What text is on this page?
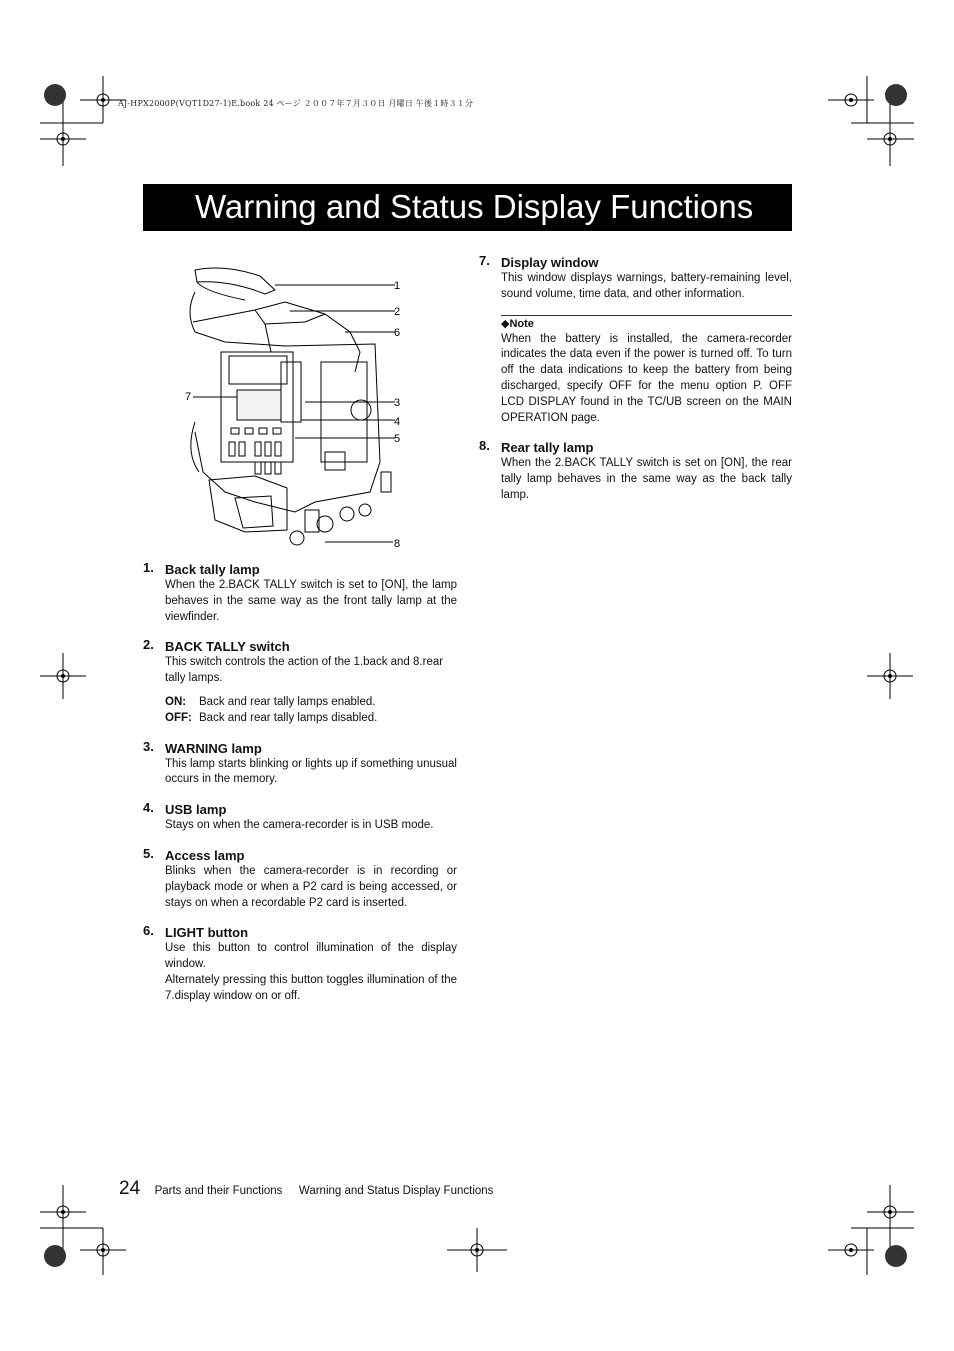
AJ-HPX2000P(VQT1D27-1)E.book 24 ページ ２００７年７月３０日 月曜日 午後１時３１分
Warning and Status Display Functions
1
2
6
7	3
4
5
8
1. Back tally lamp

When the 2.BACK TALLY switch is set to [ON], the lamp behaves in the same way as the front tally lamp at the viewfinder.

2. BACK TALLY switch

This switch controls the action of the 1.back and 8.rear tally lamps.

ON:	Back and rear tally lamps enabled.
OFF: Back and rear tally lamps disabled.
3. WARNING lamp

This lamp starts blinking or lights up if something unusual occurs in the memory.

4. USB lamp

Stays on when the camera-recorder is in USB mode.

5. Access lamp

Blinks when the camera-recorder is in recording or playback mode or when a P2 card is being accessed, or stays on when a recordable P2 card is inserted.

6. LIGHT button

Use this button to control illumination of the display window.

Alternately pressing this button toggles illumination of the 7.display window on or off.

7. Display window

This window displays warnings, battery-remaining level, sound volume, time data, and other information.

◆Note
When the battery is installed, the camera-recorder indicates the data even if the power is turned off. To turn off the data indications to keep the battery from being discharged, specify OFF for the menu option P. OFF LCD DISPLAY found in the TC/UB screen on the MAIN OPERATION page.
8. Rear tally lamp

When the 2.BACK TALLY switch is set on [ON], the rear tally lamp behaves in the same way as the back tally lamp.

24 Parts and their Functions Warning and Status Display Functions
